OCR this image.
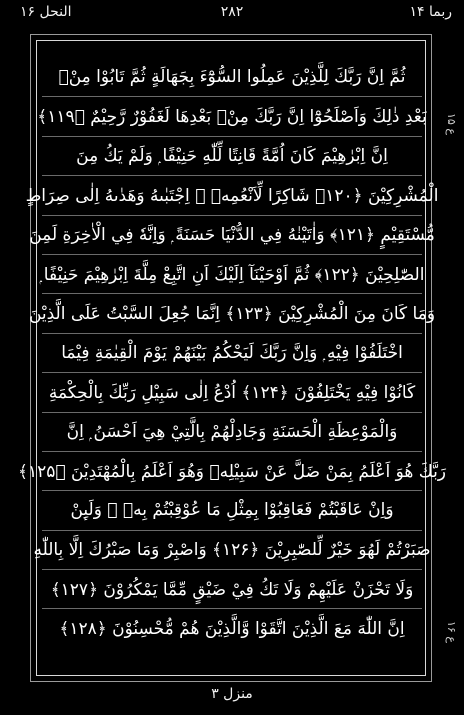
النحل ۱۶	۲۸۲	ربما ۱۴
ثُمَّ اِنَّ رَبَّكَ لِلَّذِيْنَ عَمِلُوا السُّوْٓءَ بِجَهَالَةٍ ثُمَّ تَابُوْا مِنْۢ
بَعْدِ ذٰلِكَ وَاَصْلَحُوْٓا اِنَّ رَبَّكَ مِنْۢ بَعْدِهَا لَغَفُوْرٌ رَّحِيْمٌ ﴿۱۱۹﴾
اِنَّ اِبْرٰهِيْمَ كَانَ اُمَّةً قَانِتًا لِّلّٰهِ حَنِيْفًا ۭ وَلَمْ يَكُ مِنَ
الْمُشْرِكِيْنَ ﴿۱۲۰﴾ شَاكِرًا لِّاَنْعُمِهٖ ۭ اِجْتَبٰىهُ وَهَدٰىهُ اِلٰى صِرَاطٍ
مُّسْتَقِيْمٍ ﴿۱۲۱﴾ وَاٰتَيْنٰهُ فِي الدُّنْيَا حَسَنَةً ۭ وَاِنَّهٗ فِي الْاٰخِرَةِ لَمِنَ
الصّٰلِحِيْنَ ﴿۱۲۲﴾ ثُمَّ اَوْحَيْنَآ اِلَيْكَ اَنِ اتَّبِعْ مِلَّةَ اِبْرٰهِيْمَ حَنِيْفًا ۭ
وَمَا كَانَ مِنَ الْمُشْرِكِيْنَ ﴿۱۲۳﴾ اِنَّمَا جُعِلَ السَّبْتُ عَلَى الَّذِيْنَ
اخْتَلَفُوْا فِيْهِ ۭ وَاِنَّ رَبَّكَ لَيَحْكُمُ بَيْنَهُمْ يَوْمَ الْقِيٰمَةِ فِيْمَا
كَانُوْا فِيْهِ يَخْتَلِفُوْنَ ﴿۱۲۴﴾ اُدْعُ اِلٰى سَبِيْلِ رَبِّكَ بِالْحِكْمَةِ
وَالْمَوْعِظَةِ الْحَسَنَةِ وَجَادِلْهُمْ بِالَّتِيْ هِيَ اَحْسَنُ ۭ اِنَّ
رَبَّكَ هُوَ اَعْلَمُ بِمَنْ ضَلَّ عَنْ سَبِيْلِهٖ وَهُوَ اَعْلَمُ بِالْمُهْتَدِيْنَ ﴿۱۲۵﴾
وَاِنْ عَاقَبْتُمْ فَعَاقِبُوْا بِمِثْلِ مَا عُوْقِبْتُمْ بِهٖ ۭ وَلَىِٕنْ
صَبَرْتُمْ لَهُوَ خَيْرٌ لِّلصّٰبِرِيْنَ ﴿۱۲۶﴾ وَاصْبِرْ وَمَا صَبْرُكَ اِلَّا بِاللّٰهِ
وَلَا تَحْزَنْ عَلَيْهِمْ وَلَا تَكُ فِيْ ضَيْقٍ مِّمَّا يَمْكُرُوْنَ ﴿۱۲۷﴾
اِنَّ اللّٰهَ مَعَ الَّذِيْنَ اتَّقَوْا وَّالَّذِيْنَ هُمْ مُّحْسِنُوْنَ ﴿۱۲۸﴾
ع ۱۵
ع ۱۶
منزل ۳
